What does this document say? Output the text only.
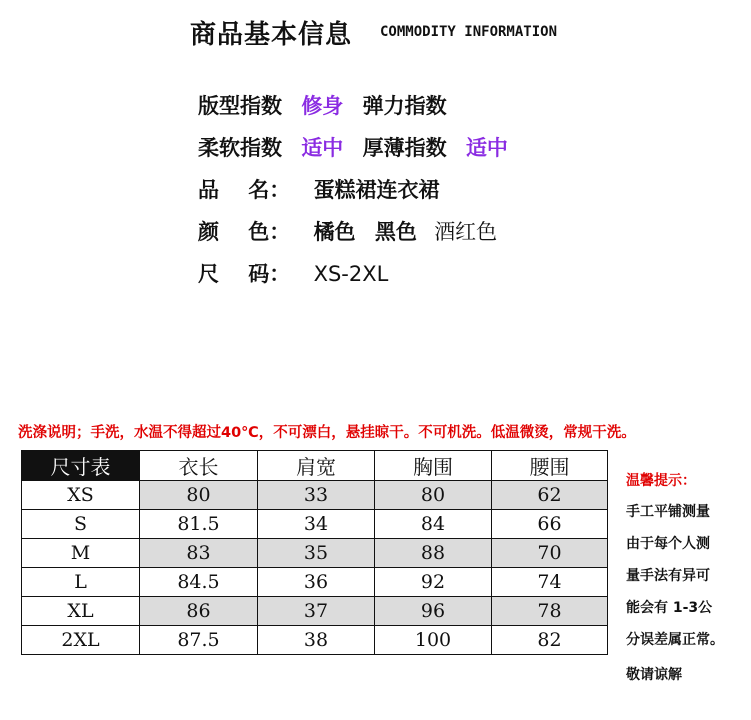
商品基本信息 COMMODITY INFORMATION
版型指数 修身 弹力指数
柔软指数 适中 厚薄指数 适中
品    名： 蛋糕裙连衣裙
颜    色： 橘色 黑色 酒红色
尺    码： XS-2XL
洗涤说明；手洗，水温不得超过40℃，不可漂白，悬挂晾干。不可机洗。低温微烫，常规干洗。
尺寸表	衣长	肩宽	胸围	腰围
XS	80	33	80	62
S	81.5	34	84	66
M	83	35	88	70
L	84.5	36	92	74
XL	86	37	96	78
2XL	87.5	38	100	82
温馨提示：
手工平铺测量
由于每个人测
量手法有异可
能会有 1-3公
分误差属正常。
敬请谅解
